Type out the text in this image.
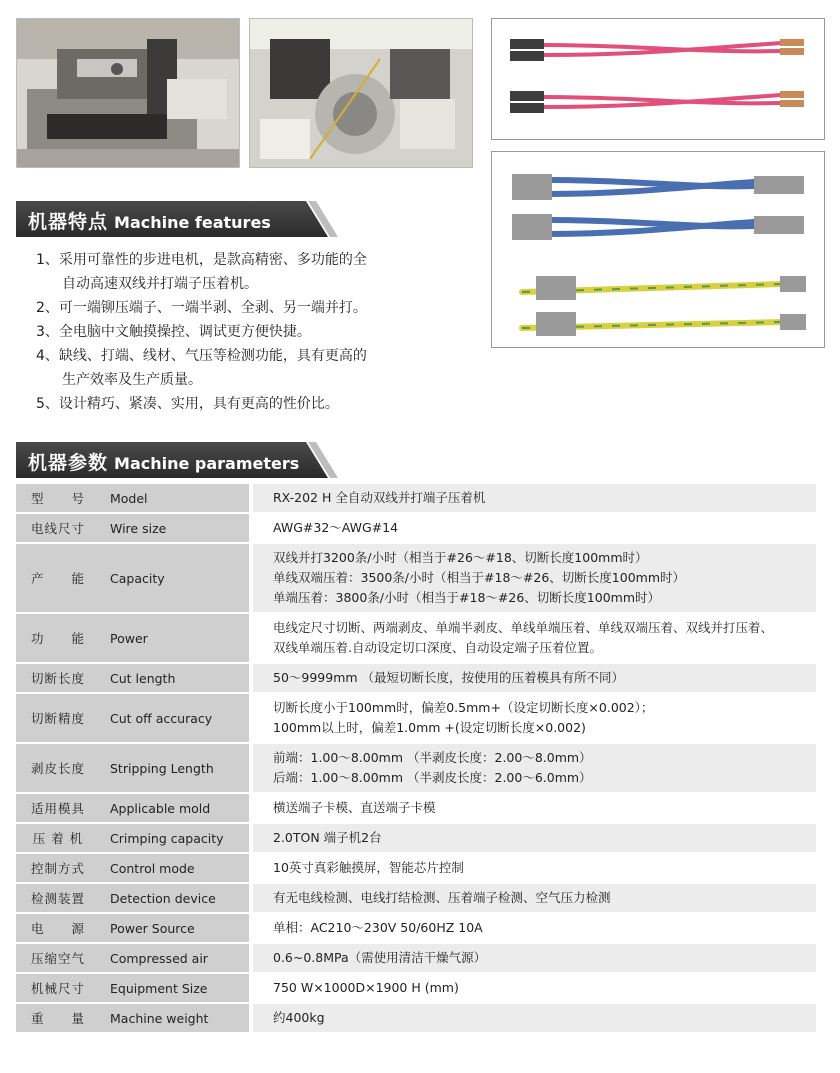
机器特点 Machine features
1、采用可靠性的步进电机，是款高精密、多功能的全
自动高速双线并打端子压着机。
2、可一端铆压端子、一端半剥、全剥、另一端并打。
3、全电脑中文触摸操控、调试更方便快捷。
4、缺线、打端、线材、气压等检测功能，具有更高的
生产效率及生产质量。
5、设计精巧、紧凑、实用，具有更高的性价比。
机器参数 Machine parameters
型　　号	Model		RX-202 H 全自动双线并打端子压着机

电线尺寸	Wire size		AWG#32～AWG#14

产　　能	Capacity		双线并打3200条/小时（相当于#26～#18、切断长度100mm时）
单线双端压着：3500条/小时（相当于#18～#26、切断长度100mm时）
单端压着：3800条/小时（相当于#18～#26、切断长度100mm时）

功　　能	Power		电线定尺寸切断、两端剥皮、单端半剥皮、单线单端压着、单线双端压着、双线并打压着、
双线单端压着.自动设定切口深度、自动设定端子压着位置。

切断长度	Cut length		50～9999mm （最短切断长度，按使用的压着模具有所不同）

切断精度	Cut off accuracy		切断长度小于100mm时，偏差0.5mm+（设定切断长度×0.002）；
100mm以上时，偏差1.0mm +(设定切断长度×0.002)

剥皮长度	Stripping Length		前端：1.00～8.00mm （半剥皮长度：2.00～8.0mm）
后端：1.00～8.00mm （半剥皮长度：2.00～6.0mm）

适用模具	Applicable mold		横送端子卡模、直送端子卡模

压 着 机	Crimping capacity		2.0TON 端子机2台

控制方式	Control mode		10英寸真彩触摸屏，智能芯片控制

检测装置	Detection device		有无电线检测、电线打结检测、压着端子检测、空气压力检测

电　　源	Power Source		单相：AC210～230V 50/60HZ 10A

压缩空气	Compressed air		0.6~0.8MPa（需使用清洁干燥气源）

机械尺寸	Equipment Size		750 W×1000D×1900 H (mm)

重　　量	Machine weight		约400kg
